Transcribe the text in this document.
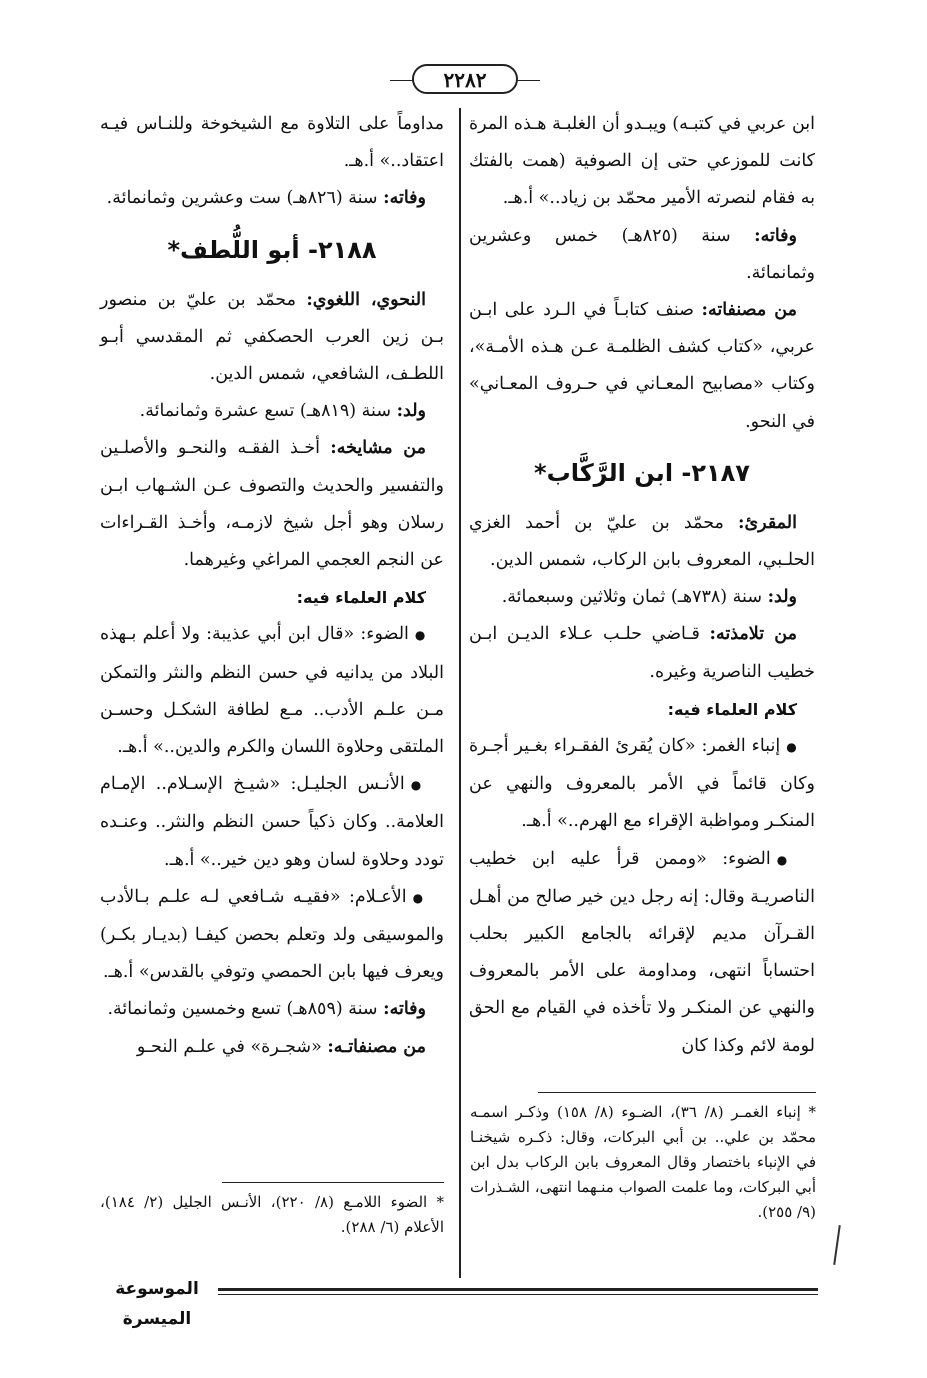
٢٢٨٢

ابن عربي في كتبـه) ويبـدو أن الغلبـة هـذه المرة كانت للموزعي حتى إن الصوفية (همت بالفتك به فقام لنصرته الأمير محمّد بن زياد..» أ.هـ.

وفاته: سنة (٨٢٥هـ) خمس وعشرين وثمانمائة.

من مصنفاته: صنف كتابـاً في الـرد على ابـن عربي، «كتاب كشف الظلمـة عـن هـذه الأمـة»، وكتاب «مصابيح المعـاني في حـروف المعـاني» في النحو.

٢١٨٧- ابن الرَّكَّاب*

المقرئ: محمّد بن عليّ بن أحمد الغزي الحلـبي، المعروف بابن الركاب، شمس الدين.

ولد: سنة (٧٣٨هـ) ثمان وثلاثين وسبعمائة.

من تلامذته: قـاضي حلـب عـلاء الديـن ابـن خطيب الناصرية وغيره.

كلام العلماء فيه:

● إنباء الغمر: «كان يُقرئ الفقـراء بغـير أجـرة وكان قائماً في الأمر بالمعروف والنهي عن المنكـر ومواظبة الإقراء مع الهرم..» أ.هـ.

● الضوء: «وممن قرأ عليه ابن خطيب الناصريـة وقال: إنه رجل دين خير صالح من أهـل القـرآن مديم لإقرائه بالجامع الكبير بحلب احتساباً انتهى، ومداومة على الأمر بالمعروف والنهي عن المنكـر ولا تأخذه في القيام مع الحق لومة لائم وكذا كان

* إنباء الغمـر (٨/ ٣٦)، الضـوء (٨/ ١٥٨) وذكـر اسمـه محمّد بن علي.. بن أبي البركات، وقال: ذكـره شيخنـا في الإنباء باختصار وقال المعروف بابن الركاب بدل ابن أبي البركات، وما علمت الصواب منـهما انتهى، الشـذرات (٩/ ٢٥٥).

مداوماً على التلاوة مع الشيخوخة وللنـاس فيـه اعتقاد..» أ.هـ.

وفاته: سنة (٨٢٦هـ) ست وعشرين وثمانمائة.

٢١٨٨- أبو اللُّطف*

النحوي، اللغوي: محمّد بن عليّ بن منصور بـن زين العرب الحصكفي ثم المقدسي أبـو اللطـف، الشافعي، شمس الدين.

ولد: سنة (٨١٩هـ) تسع عشرة وثمانمائة.

من مشايخه: أخـذ الفقـه والنحـو والأصلـين والتفسير والحديث والتصوف عـن الشـهاب ابـن رسلان وهو أجل شيخ لازمـه، وأخـذ القـراءات عن النجم العجمي المراغي وغيرهما.

كلام العلماء فيه:

● الضوء: «قال ابن أبي عذيبة: ولا أعلم بـهذه البلاد من يدانيه في حسن النظم والنثر والتمكن مـن علـم الأدب.. مـع لطافة الشكـل وحسـن الملتقى وحلاوة اللسان والكرم والدين..» أ.هـ.

● الأنـس الجليـل: «شيـخ الإسـلام.. الإمـام العلامة.. وكان ذكياً حسن النظم والنثر.. وعنـده تودد وحلاوة لسان وهو دين خير..» أ.هـ.

● الأعـلام: «فقيـه شـافعي لـه علـم بـالأدب والموسيقى ولد وتعلم بحصن كيفـا (بديـار بكـر) ويعرف فيها بابن الحمصي وتوفي بالقدس» أ.هـ.

وفاته: سنة (٨٥٩هـ) تسع وخمسين وثمانمائة.

من مصنفاتـه: «شجـرة» في علـم النحـو

* الضوء اللامـع (٨/ ٢٢٠)، الأنـس الجليل (٢/ ١٨٤)، الأعلام (٦/ ٢٨٨).
الموسوعة الميسرة
